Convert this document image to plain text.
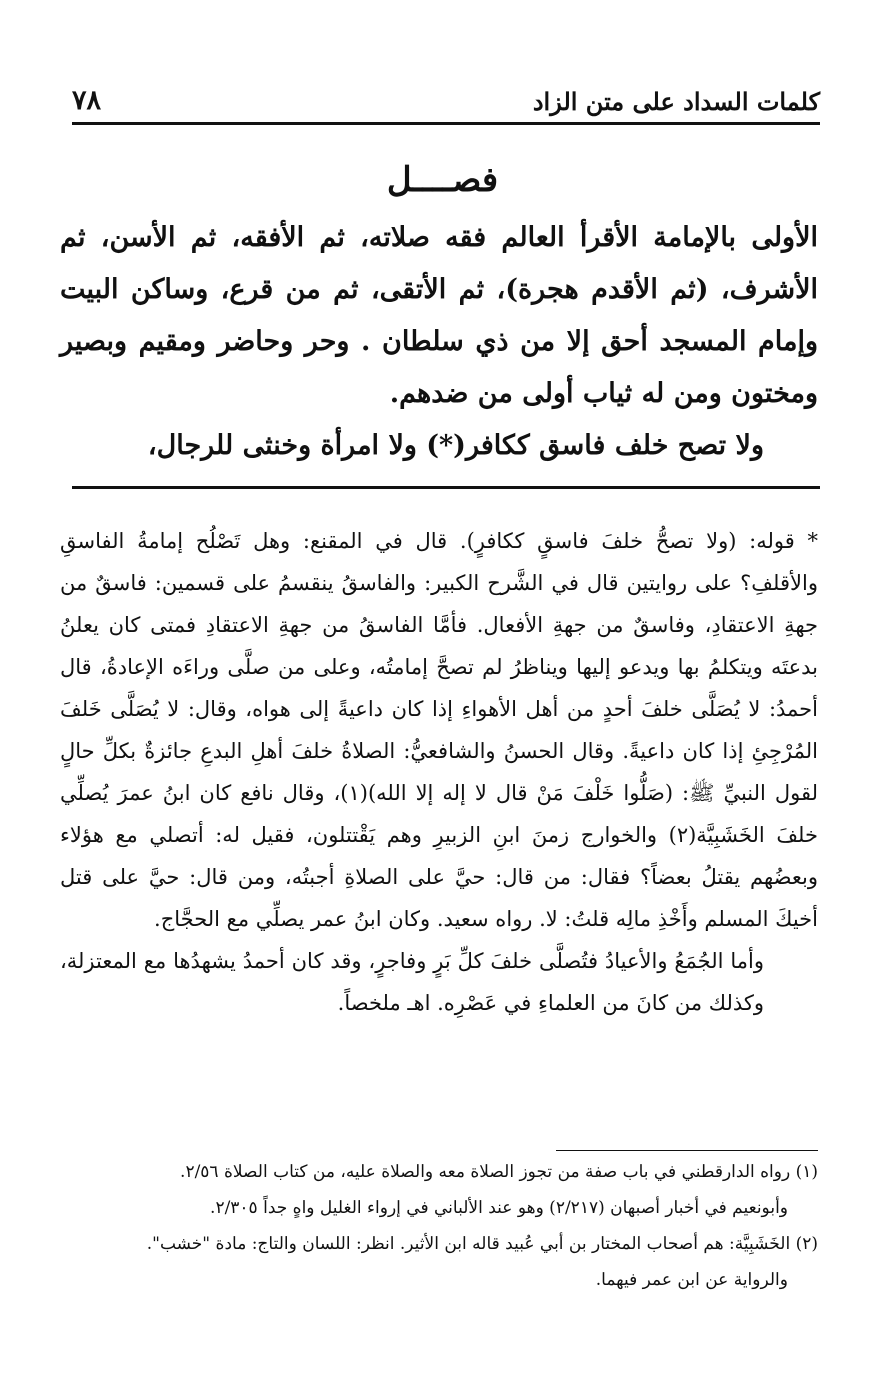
كلمات السداد على متن الزاد
٧٨
فصــــل

الأولى بالإمامة الأقرأ العالم فقه صلاته، ثم الأفقه، ثم الأسن، ثم الأشرف، (ثم الأقدم هجرة)، ثم الأتقى، ثم من قرع، وساكن البيت وإمام المسجد أحق إلا من ذي سلطان . وحر وحاضر ومقيم وبصير ومختون ومن له ثياب أولى من ضدهم.

ولا تصح خلف فاسق ككافر(*) ولا امرأة وخنثى للرجال،

* قوله: (ولا تصحُّ خلفَ فاسقٍ ككافرٍ). قال في المقنع: وهل تَصْلُح إمامةُ الفاسقِ والأقلفِ؟ على روايتين قال في الشَّرح الكبير: والفاسقُ ينقسمُ على قسمين: فاسقٌ من جهةِ الاعتقادِ، وفاسقٌ من جهةِ الأفعال. فأمَّا الفاسقُ من جهةِ الاعتقادِ فمتى كان يعلنُ بدعتَه ويتكلمُ بها ويدعو إليها ويناظرُ لم تصحَّ إمامتُه، وعلى من صلَّى وراءَه الإعادةُ، قال أحمدُ: لا يُصَلَّى خلفَ أحدٍ من أهل الأهواءِ إذا كان داعيةً إلى هواه، وقال: لا يُصَلَّى خَلفَ المُرْجِئِ إذا كان داعيةً. وقال الحسنُ والشافعيُّ: الصلاةُ خلفَ أهلِ البدعِ جائزةٌ بكلِّ حالٍ لقول النبيِّ ﷺ: (صَلُّوا خَلْفَ مَنْ قال لا إله إلا الله)(١)، وقال نافع كان ابنُ عمرَ يُصلِّي خلفَ الخَشَبِيَّة(٢) والخوارج زمنَ ابنِ الزبيرِ وهم يَقْتتلون، فقيل له: أتصلي مع هؤلاء وبعضُهم يقتلُ بعضاً؟ فقال: من قال: حيَّ على الصلاةِ أجبتُه، ومن قال: حيَّ على قتل أخيكَ المسلم وأَخْذِ مالِه قلتُ: لا. رواه سعيد. وكان ابنُ عمر يصلِّي مع الحجَّاج.

وأما الجُمَعُ والأعيادُ فتُصلَّى خلفَ كلِّ بَرٍ وفاجرٍ، وقد كان أحمدُ يشهدُها مع المعتزلة، وكذلك من كانَ من العلماءِ في عَصْرِه. اهـ ملخصاً.

(١) رواه الدارقطني في باب صفة من تجوز الصلاة معه والصلاة عليه، من كتاب الصلاة ٢/٥٦.

وأبونعيم في أخبار أصبهان (٢/٢١٧) وهو عند الألباني في إرواء الغليل واهٍ جداً ٢/٣٠٥.

(٢) الخَشَبِيَّة: هم أصحاب المختار بن أبي عُبيد قاله ابن الأثير. انظر: اللسان والتاج: مادة "خشب".

والرواية عن ابن عمر فيهما.
